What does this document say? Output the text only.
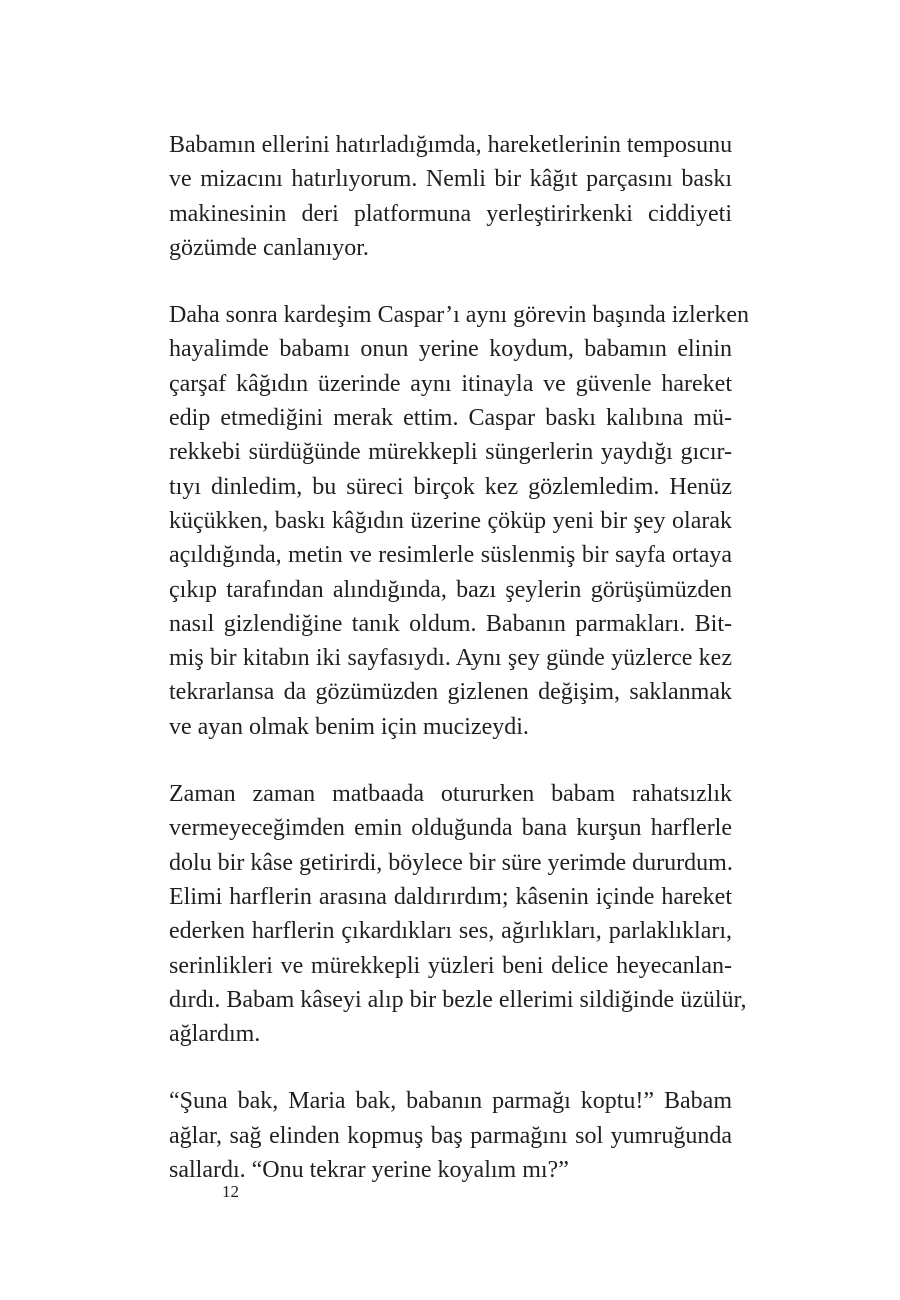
Babamın ellerini hatırladığımda, hareketlerinin temposunu
ve mizacını hatırlıyorum. Nemli bir kâğıt parçasını baskı
makinesinin deri platformuna yerleştirirkenki ciddiyeti
gözümde canlanıyor.

Daha sonra kardeşim Caspar’ı aynı görevin başında izlerken
hayalimde babamı onun yerine koydum, babamın elinin
çarşaf kâğıdın üzerinde aynı itinayla ve güvenle hareket
edip etmediğini merak ettim. Caspar baskı kalıbına mü-
rekkebi sürdüğünde mürekkepli süngerlerin yaydığı gıcır-
tıyı dinledim, bu süreci birçok kez gözlemledim. Henüz
küçükken, baskı kâğıdın üzerine çöküp yeni bir şey olarak
açıldığında, metin ve resimlerle süslenmiş bir sayfa ortaya
çıkıp tarafından alındığında, bazı şeylerin görüşümüzden
nasıl gizlendiğine tanık oldum. Babanın parmakları. Bit-
miş bir kitabın iki sayfasıydı. Aynı şey günde yüzlerce kez
tekrarlansa da gözümüzden gizlenen değişim, saklanmak
ve ayan olmak benim için mucizeydi.

Zaman zaman matbaada otururken babam rahatsızlık
vermeyeceğimden emin olduğunda bana kurşun harflerle
dolu bir kâse getirirdi, böylece bir süre yerimde dururdum.
Elimi harflerin arasına daldırırdım; kâsenin içinde hareket
ederken harflerin çıkardıkları ses, ağırlıkları, parlaklıkları,
serinlikleri ve mürekkepli yüzleri beni delice heyecanlan-
dırdı. Babam kâseyi alıp bir bezle ellerimi sildiğinde üzülür,
ağlardım.

“Şuna bak, Maria bak, babanın parmağı koptu!” Babam
ağlar, sağ elinden kopmuş baş parmağını sol yumruğunda
sallardı. “Onu tekrar yerine koyalım mı?”

12
